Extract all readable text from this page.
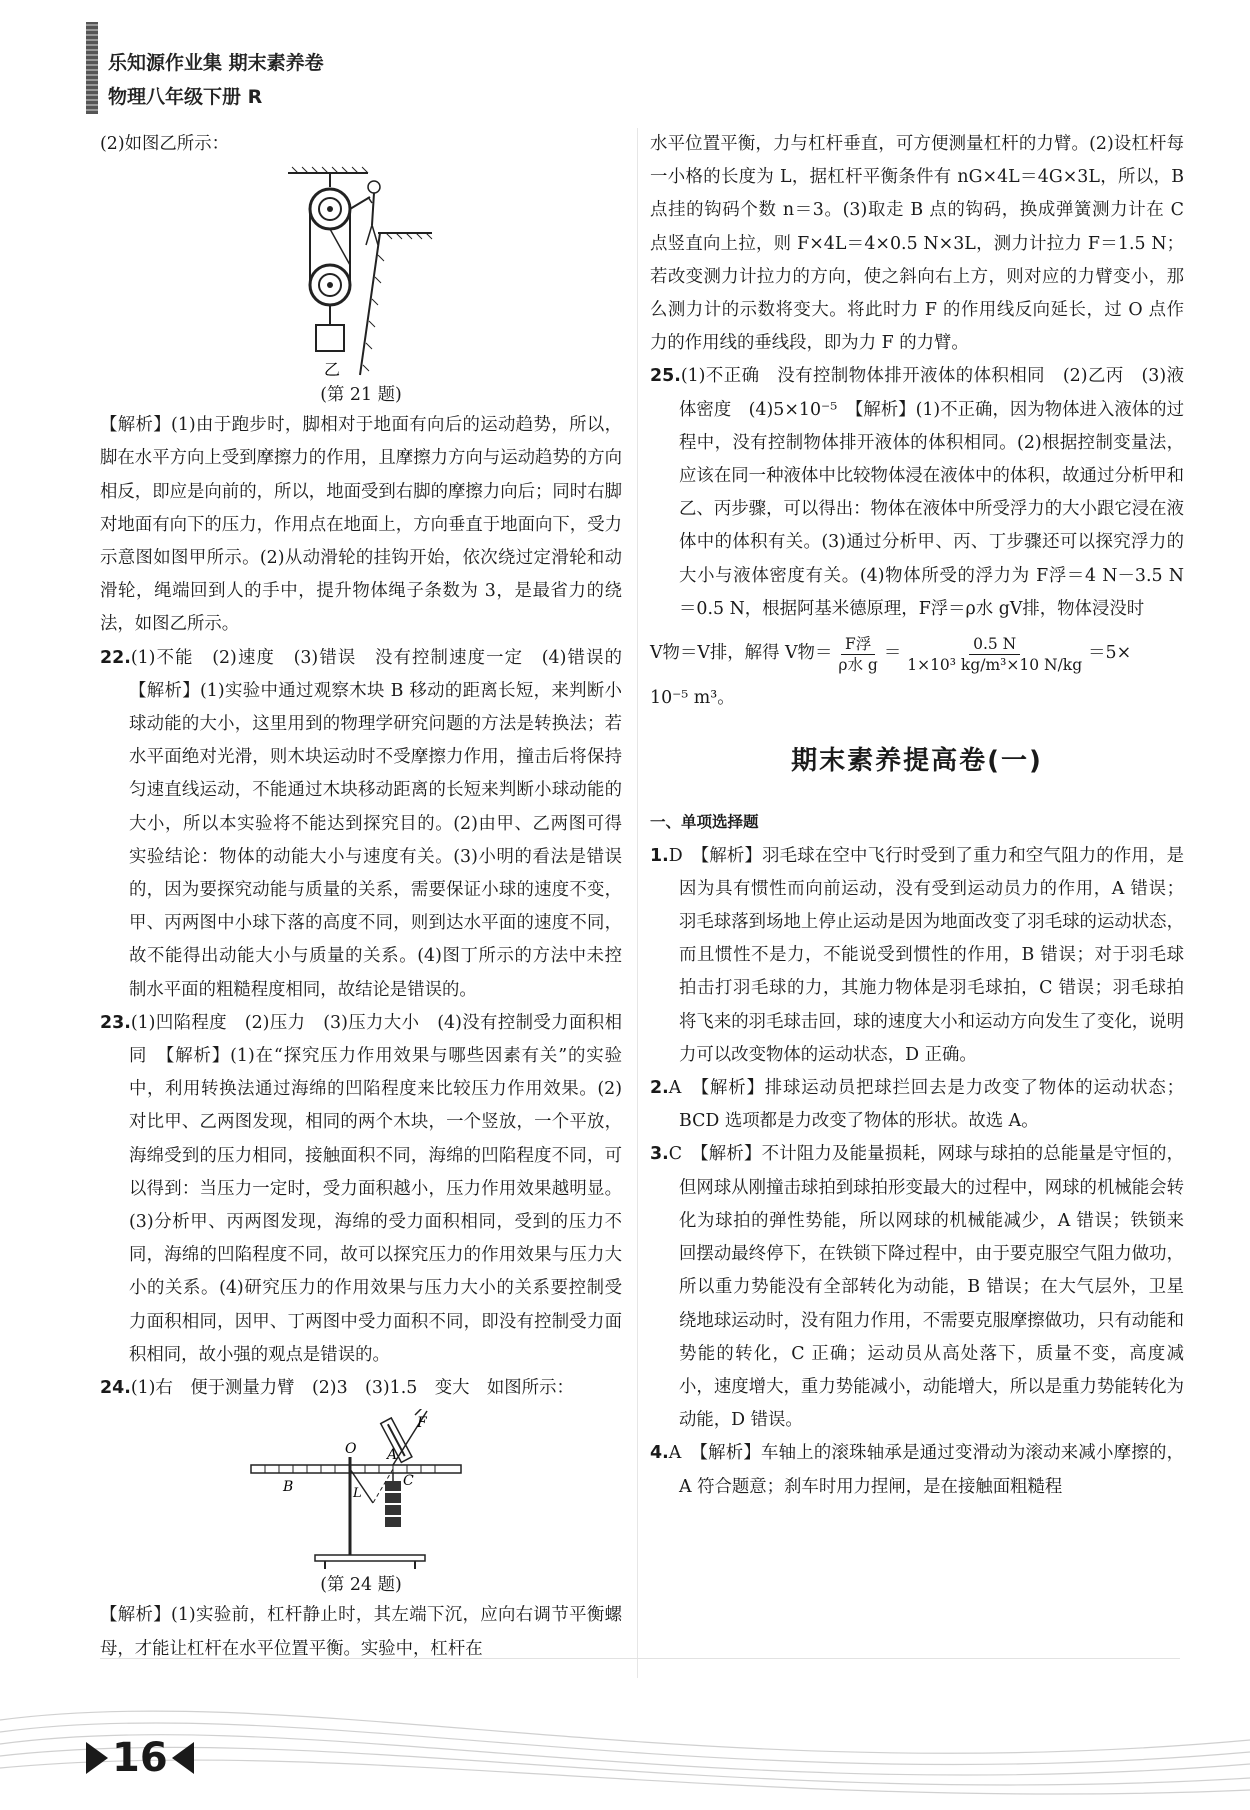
乐知源作业集 期末素养卷
物理八年级下册 R

(2)如图乙所示：

乙

(第 21 题)

【解析】(1)由于跑步时，脚相对于地面有向后的运动趋势，所以，脚在水平方向上受到摩擦力的作用，且摩擦力方向与运动趋势的方向相反，即应是向前的，所以，地面受到右脚的摩擦力向后；同时右脚对地面有向下的压力，作用点在地面上，方向垂直于地面向下，受力示意图如图甲所示。(2)从动滑轮的挂钩开始，依次绕过定滑轮和动滑轮，绳端回到人的手中，提升物体绳子条数为 3，是最省力的绕法，如图乙所示。

22.(1)不能　(2)速度　(3)错误　没有控制速度一定　(4)错误的　【解析】(1)实验中通过观察木块 B 移动的距离长短，来判断小球动能的大小，这里用到的物理学研究问题的方法是转换法；若水平面绝对光滑，则木块运动时不受摩擦力作用，撞击后将保持匀速直线运动，不能通过木块移动距离的长短来判断小球动能的大小，所以本实验将不能达到探究目的。(2)由甲、乙两图可得实验结论：物体的动能大小与速度有关。(3)小明的看法是错误的，因为要探究动能与质量的关系，需要保证小球的速度不变，甲、丙两图中小球下落的高度不同，则到达水平面的速度不同，故不能得出动能大小与质量的关系。(4)图丁所示的方法中未控制水平面的粗糙程度相同，故结论是错误的。

23.(1)凹陷程度　(2)压力　(3)压力大小　(4)没有控制受力面积相同　【解析】(1)在“探究压力作用效果与哪些因素有关”的实验中，利用转换法通过海绵的凹陷程度来比较压力作用效果。(2)对比甲、乙两图发现，相同的两个木块，一个竖放，一个平放，海绵受到的压力相同，接触面积不同，海绵的凹陷程度不同，可以得到：当压力一定时，受力面积越小，压力作用效果越明显。(3)分析甲、丙两图发现，海绵的受力面积相同，受到的压力不同，海绵的凹陷程度不同，故可以探究压力的作用效果与压力大小的关系。(4)研究压力的作用效果与压力大小的关系要控制受力面积相同，因甲、丁两图中受力面积不同，即没有控制受力面积相同，故小强的观点是错误的。

24.(1)右　便于测量力臂　(2)3　(3)1.5　变大　如图所示：

O A
B	C
F
L

(第 24 题)

【解析】(1)实验前，杠杆静止时，其左端下沉，应向右调节平衡螺母，才能让杠杆在水平位置平衡。实验中，杠杆在

水平位置平衡，力与杠杆垂直，可方便测量杠杆的力臂。(2)设杠杆每一小格的长度为 L，据杠杆平衡条件有 nG×4L＝4G×3L，所以，B 点挂的钩码个数 n＝3。(3)取走 B 点的钩码，换成弹簧测力计在 C 点竖直向上拉，则 F×4L＝4×0.5 N×3L，测力计拉力 F＝1.5 N；若改变测力计拉力的方向，使之斜向右上方，则对应的力臂变小，那么测力计的示数将变大。将此时力 F 的作用线反向延长，过 O 点作力的作用线的垂线段，即为力 F 的力臂。

25.(1)不正确　没有控制物体排开液体的体积相同　(2)乙丙　(3)液体密度　(4)5×10⁻⁵　【解析】(1)不正确，因为物体进入液体的过程中，没有控制物体排开液体的体积相同。(2)根据控制变量法，应该在同一种液体中比较物体浸在液体中的体积，故通过分析甲和乙、丙步骤，可以得出：物体在液体中所受浮力的大小跟它浸在液体中的体积有关。(3)通过分析甲、丙、丁步骤还可以探究浮力的大小与液体密度有关。(4)物体所受的浮力为 F浮＝4 N－3.5 N＝0.5 N，根据阿基米德原理，F浮＝ρ水 gV排，物体浸没时

V物＝V排，解得 V物＝ $\frac{\text{F浮}}{\text{ρ水 g}} = \frac{0.5 N}{\text{1×10³ kg/m³×10 N/kg}} =5\times$

10⁻⁵ m³。

期末素养提高卷(一)

一、单项选择题

1.D　【解析】羽毛球在空中飞行时受到了重力和空气阻力的作用，是因为具有惯性而向前运动，没有受到运动员力的作用，A 错误；羽毛球落到场地上停止运动是因为地面改变了羽毛球的运动状态，而且惯性不是力，不能说受到惯性的作用，B 错误；对于羽毛球拍击打羽毛球的力，其施力物体是羽毛球拍，C 错误；羽毛球拍将飞来的羽毛球击回，球的速度大小和运动方向发生了变化，说明力可以改变物体的运动状态，D 正确。

2.A　【解析】排球运动员把球拦回去是力改变了物体的运动状态；BCD 选项都是力改变了物体的形状。故选 A。

3.C　【解析】不计阻力及能量损耗，网球与球拍的总能量是守恒的，但网球从刚撞击球拍到球拍形变最大的过程中，网球的机械能会转化为球拍的弹性势能，所以网球的机械能减少，A 错误；铁锁来回摆动最终停下，在铁锁下降过程中，由于要克服空气阻力做功，所以重力势能没有全部转化为动能，B 错误；在大气层外，卫星绕地球运动时，没有阻力作用，不需要克服摩擦做功，只有动能和势能的转化，C 正确；运动员从高处落下，质量不变，高度减小，速度增大，重力势能减小，动能增大，所以是重力势能转化为动能，D 错误。

4.A　【解析】车轴上的滚珠轴承是通过变滑动为滚动来减小摩擦的，A 符合题意；刹车时用力捏闸，是在接触面粗糙程

16
